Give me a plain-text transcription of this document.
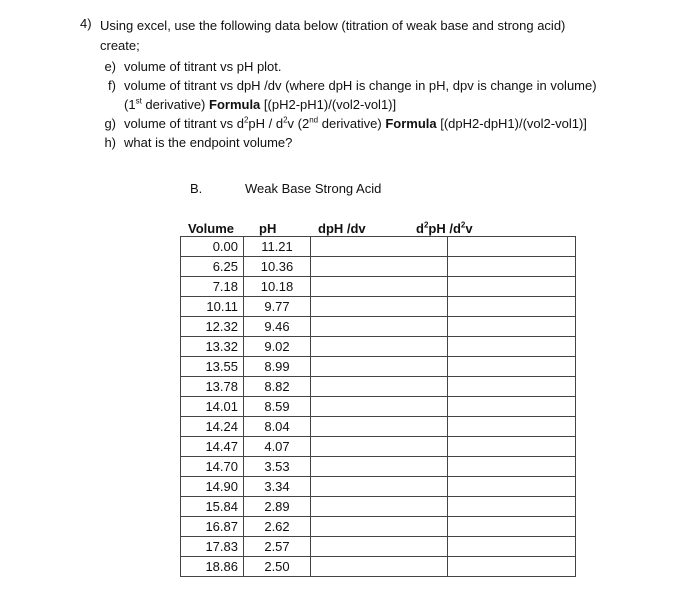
4) Using excel, use the following data below (titration of weak base and strong acid)
create;
e) volume of titrant vs pH plot.
f) volume of titrant vs dpH /dv (where dpH is change in pH, dpv is change in volume)
(1st derivative) Formula [(pH2-pH1)/(vol2-vol1)]
g) volume of titrant vs $d^2pH / d^2v$ (2nd derivative) Formula [(dpH2-dpH1)/(vol2-vol1)]
h) what is the endpoint volume?
B.	Weak Base Strong Acid
Volume pH	dpH /dv	$d^2pH$ $/d^2v$
0.00	11.21		
6.25	10.36		
7.18	10.18		
10.11	9.77		
12.32	9.46		
13.32	9.02		
13.55	8.99		
13.78	8.82		
14.01	8.59		
14.24	8.04		
14.47	4.07		
14.70	3.53		
14.90	3.34		
15.84	2.89		
16.87	2.62		
17.83	2.57		
18.86	2.50		
